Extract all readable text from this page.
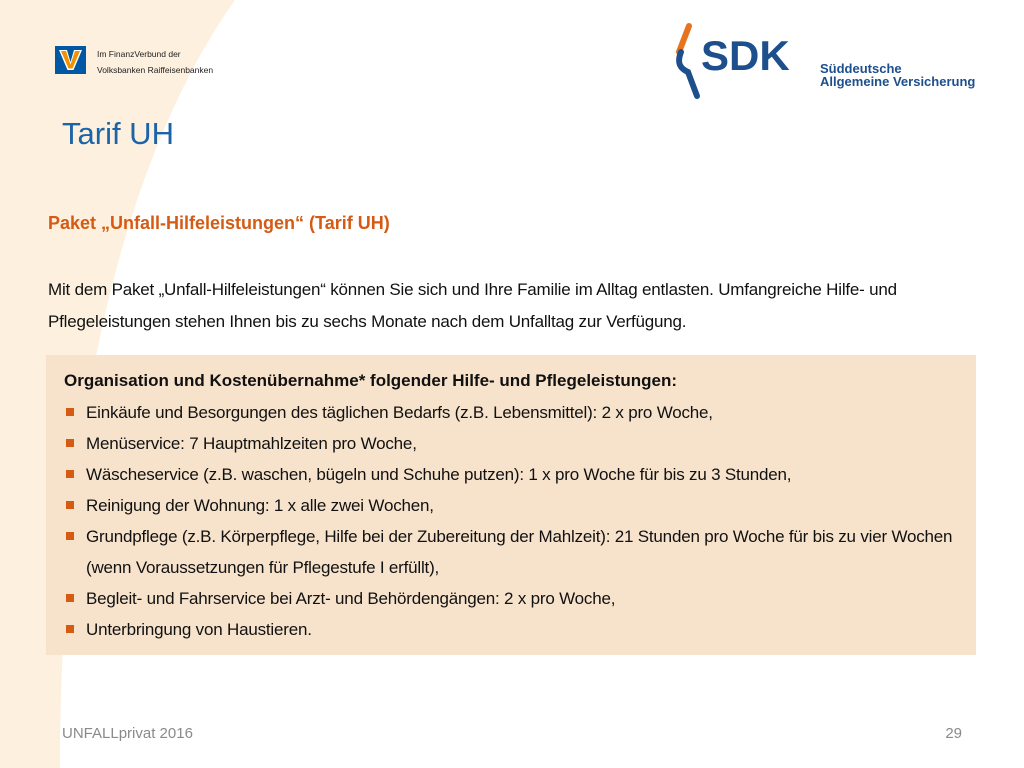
Im FinanzVerbund der
Volksbanken Raiffeisenbanken	SDK Süddeutsche
Allgemeine Versicherung
Tarif UH
Paket „Unfall-Hilfeleistungen“ (Tarif UH)
Mit dem Paket „Unfall-Hilfeleistungen“ können Sie sich und Ihre Familie im Alltag entlasten. Umfangreiche Hilfe- und Pflegeleistungen stehen Ihnen bis zu sechs Monate nach dem Unfalltag zur Verfügung.
Organisation und Kostenübernahme* folgender Hilfe- und Pflegeleistungen:
Einkäufe und Besorgungen des täglichen Bedarfs (z.B. Lebensmittel): 2 x pro Woche,
Menüservice: 7 Hauptmahlzeiten pro Woche,
Wäscheservice (z.B. waschen, bügeln und Schuhe putzen): 1 x pro Woche für bis zu 3 Stunden,
Reinigung der Wohnung: 1 x alle zwei Wochen,
Grundpflege (z.B. Körperpflege, Hilfe bei der Zubereitung der Mahlzeit): 21 Stunden pro Woche für bis zu vier Wochen (wenn Voraussetzungen für Pflegestufe I erfüllt),
Begleit- und Fahrservice bei Arzt- und Behördengängen: 2 x pro Woche,
Unterbringung von Haustieren.
UNFALLprivat 2016	29
